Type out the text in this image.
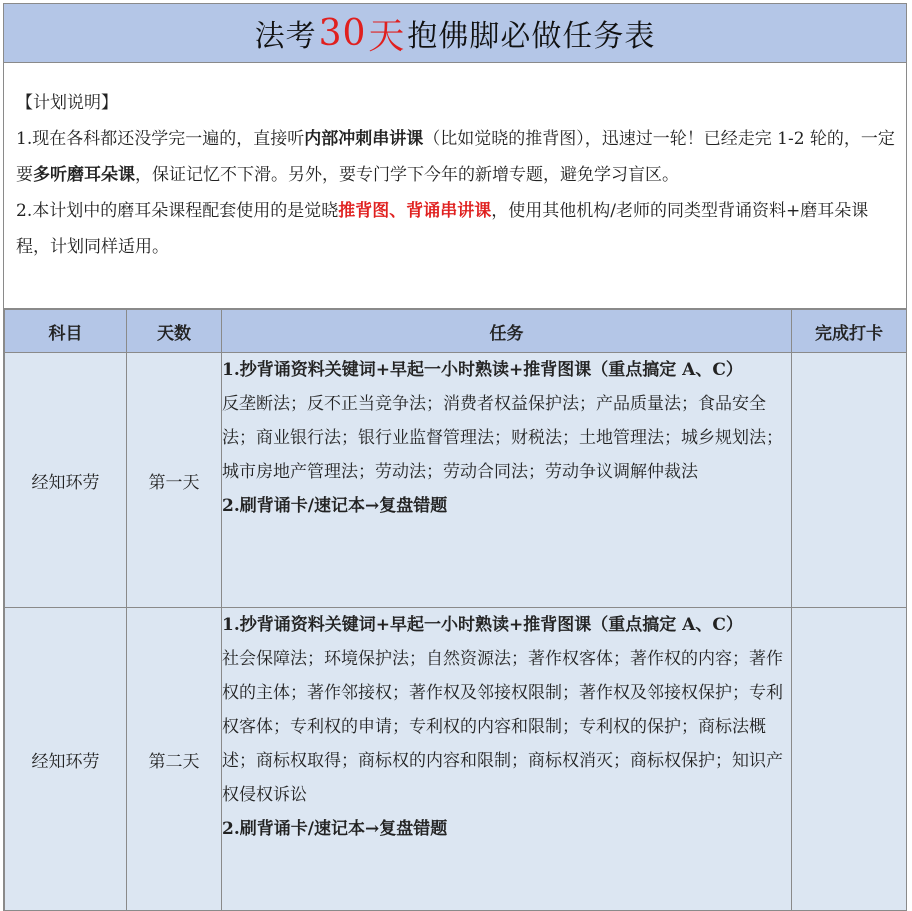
法考 30 天 抱佛脚必做任务表

【计划说明】

1.现在各科都还没学完一遍的，直接听内部冲刺串讲课（比如觉晓的推背图），迅速过一轮！已经走完 1-2 轮的，一定要多听磨耳朵课，保证记忆不下滑。另外，要专门学下今年的新增专题，避免学习盲区。

2.本计划中的磨耳朵课程配套使用的是觉晓推背图、背诵串讲课，使用其他机构/老师的同类型背诵资料+磨耳朵课程，计划同样适用。

科目	天数	任务	完成打卡
经知环劳	第一天	1.抄背诵资料关键词+早起一小时熟读+推背图课（重点搞定 A、C）
反垄断法；反不正当竞争法；消费者权益保护法；产品质量法；食品安全法；商业银行法；银行业监督管理法；财税法；土地管理法；城乡规划法；城市房地产管理法；劳动法；劳动合同法；劳动争议调解仲裁法
2.刷背诵卡/速记本→复盘错题	

经知环劳	第二天	1.抄背诵资料关键词+早起一小时熟读+推背图课（重点搞定 A、C）
社会保障法；环境保护法；自然资源法；著作权客体；著作权的内容；著作权的主体；著作邻接权；著作权及邻接权限制；著作权及邻接权保护；专利权客体；专利权的申请；专利权的内容和限制；专利权的保护；商标法概述；商标权取得；商标权的内容和限制；商标权消灭；商标权保护；知识产权侵权诉讼
2.刷背诵卡/速记本→复盘错题	
